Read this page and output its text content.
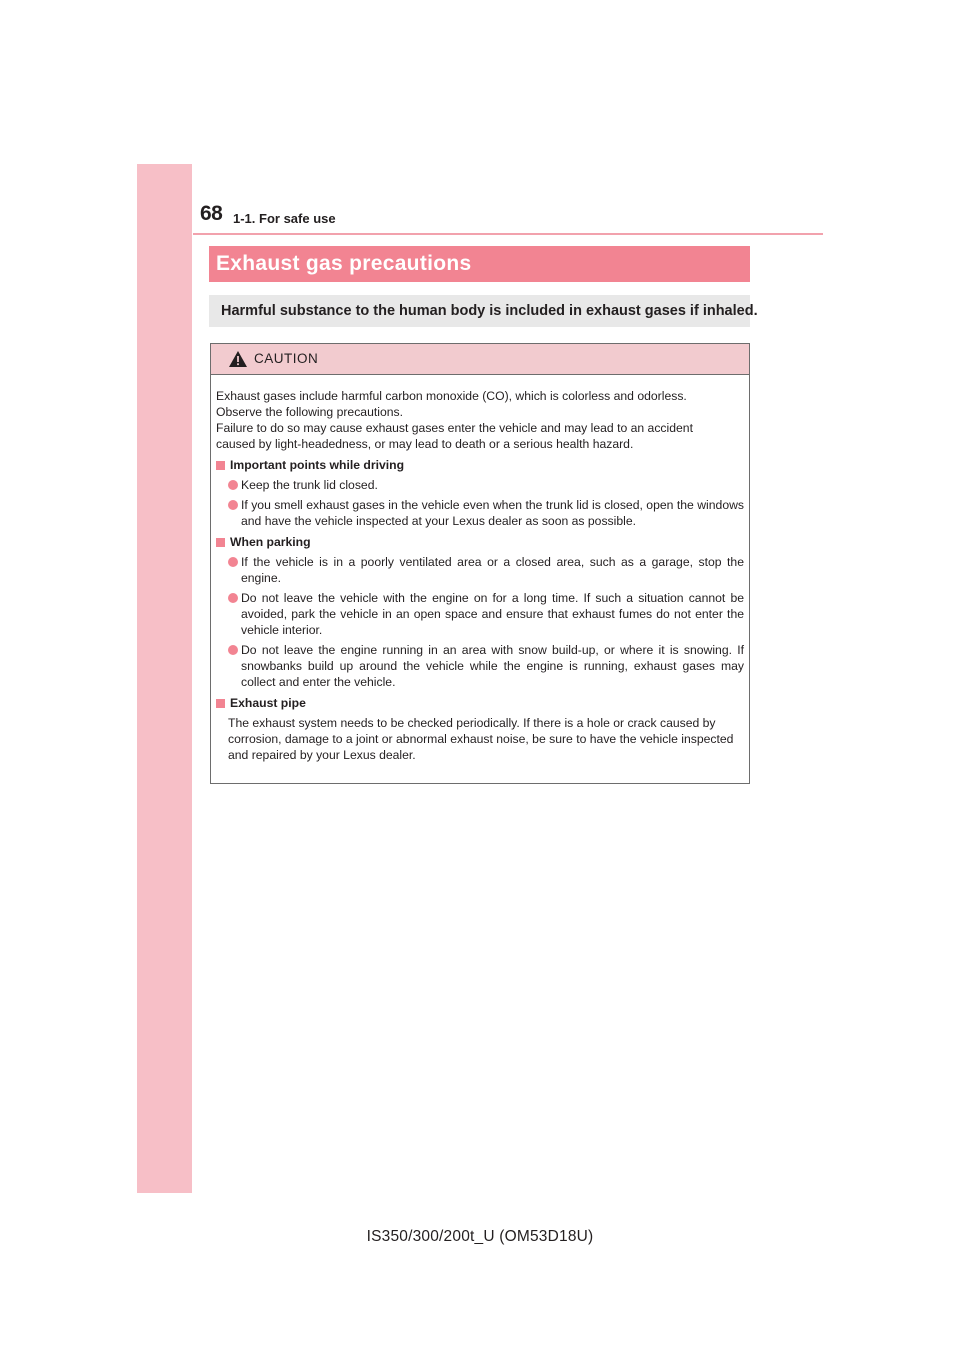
68 1-1. For safe use
Exhaust gas precautions
Harmful substance to the human body is included in exhaust gases if inhaled.
CAUTION

Exhaust gases include harmful carbon monoxide (CO), which is colorless and odorless.

Observe the following precautions.

Failure to do so may cause exhaust gases enter the vehicle and may lead to an accident

caused by light-headedness, or may lead to death or a serious health hazard.

Important points while driving

Keep the trunk lid closed.
If you smell exhaust gases in the vehicle even when the trunk lid is closed, open the windows and have the vehicle inspected at your Lexus dealer as soon as possible.

When parking

If the vehicle is in a poorly ventilated area or a closed area, such as a garage, stop the engine.
Do not leave the vehicle with the engine on for a long time. If such a situation cannot be avoided, park the vehicle in an open space and ensure that exhaust fumes do not enter the vehicle interior.
Do not leave the engine running in an area with snow build-up, or where it is snowing. If snowbanks build up around the vehicle while the engine is running, exhaust gases may collect and enter the vehicle.

Exhaust pipe

The exhaust system needs to be checked periodically. If there is a hole or crack caused by corrosion, damage to a joint or abnormal exhaust noise, be sure to have the vehicle inspected and repaired by your Lexus dealer.

IS350/300/200t_U (OM53D18U)
